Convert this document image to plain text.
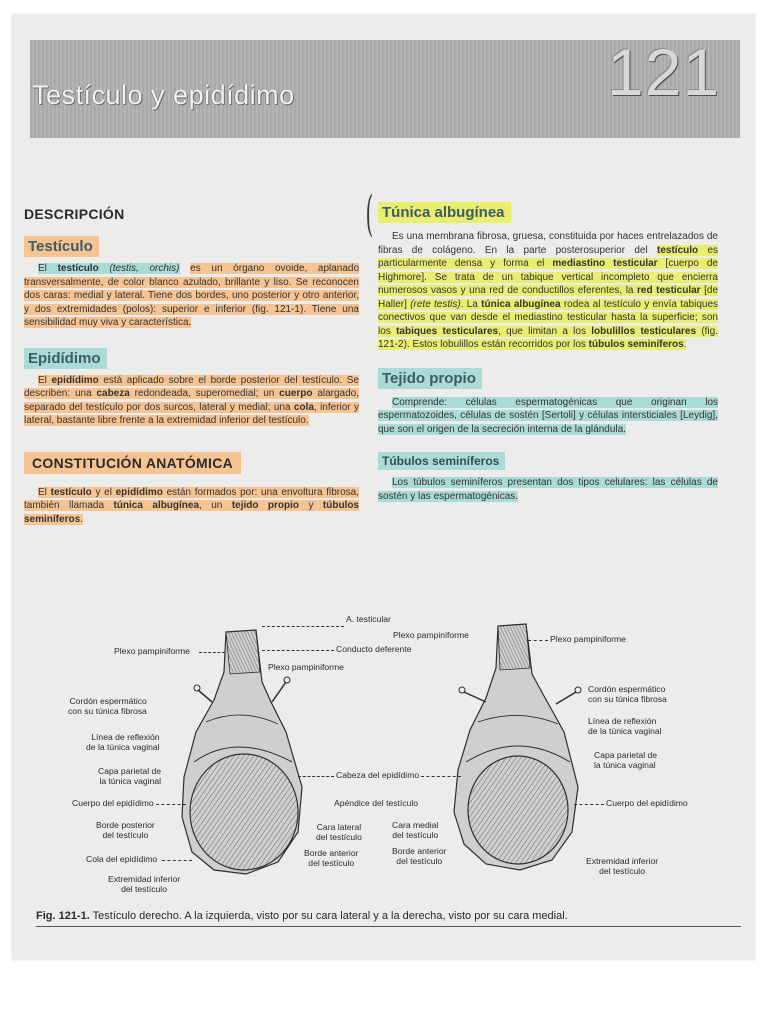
Testículo y epidídimo	121
DESCRIPCIÓN
Testículo
El testículo (testis, orchis) es un órgano ovoide, aplanado transversalmente, de color blanco azulado, brillante y liso. Se reconocen dos caras: medial y lateral. Tiene dos bordes, uno posterior y otro anterior, y dos extremidades (polos): superior e inferior (fig. 121-1). Tiene una sensibilidad muy viva y característica.
Epidídimo
El epidídimo está aplicado sobre el borde posterior del testículo. Se describen: una cabeza redondeada, superomedial; un cuerpo alargado, separado del testículo por dos surcos, lateral y medial; una cola, inferior y lateral, bastante libre frente a la extremidad inferior del testículo.
CONSTITUCIÓN ANATÓMICA
El testículo y el epidídimo están formados por: una envoltura fibrosa, también llamada túnica albugínea, un tejido propio y túbulos seminíferos.
( Túnica albugínea
Es una membrana fibrosa, gruesa, constituida por haces entrelazados de fibras de colágeno. En la parte posterosuperior del testículo es particularmente densa y forma el mediastino testicular [cuerpo de Highmore]. Se trata de un tabique vertical incompleto que encierra numerosos vasos y una red de conductillos eferentes, la red testicular [de Haller] (rete testis). La túnica albugínea rodea al testículo y envía tabiques conectivos que van desde el mediastino testicular hasta la superficie; son los tabiques testiculares, que limitan a los lobulillos testiculares (fig. 121-2). Estos lobulillos están recorridos por los túbulos seminíferos.
Tejido propio
Comprende: células espermatogénicas que originan los espermatozoides, células de sostén [Sertoli] y células intersticiales [Leydig], que son el origen de la secreción interna de la glándula.
Túbulos seminíferos
Los túbulos seminíferos presentan dos tipos celulares: las células de sostén y las espermatogénicas.
A. testicular
Plexo pampiniforme
Conducto deferente
Plexo pampiniforme
Plexo pampiniforme
Plexo pampiniforme
Cordón espermático
con su túnica fibrosa
Cordón espermático
con su túnica fibrosa
Línea de reflexión
de la túnica vaginal
Línea de reflexión
de la túnica vaginal
Capa parietal de
la túnica vaginal
Capa parietal de
la túnica vaginal
Cabeza del epidídimo
Cuerpo del epidídimo	Cuerpo del epidídimo
Apéndice del testículo
Borde posterior
del testículo
Cara lateral
del testículo
Cara medial
del testículo
Cola del epidídimo
Borde anterior
del testículo
Borde anterior
del testículo
Extremidad inferior
del testículo
Extremidad inferior
del testículo
Fig. 121-1. Testículo derecho. A la izquierda, visto por su cara lateral y a la derecha, visto por su cara medial.
